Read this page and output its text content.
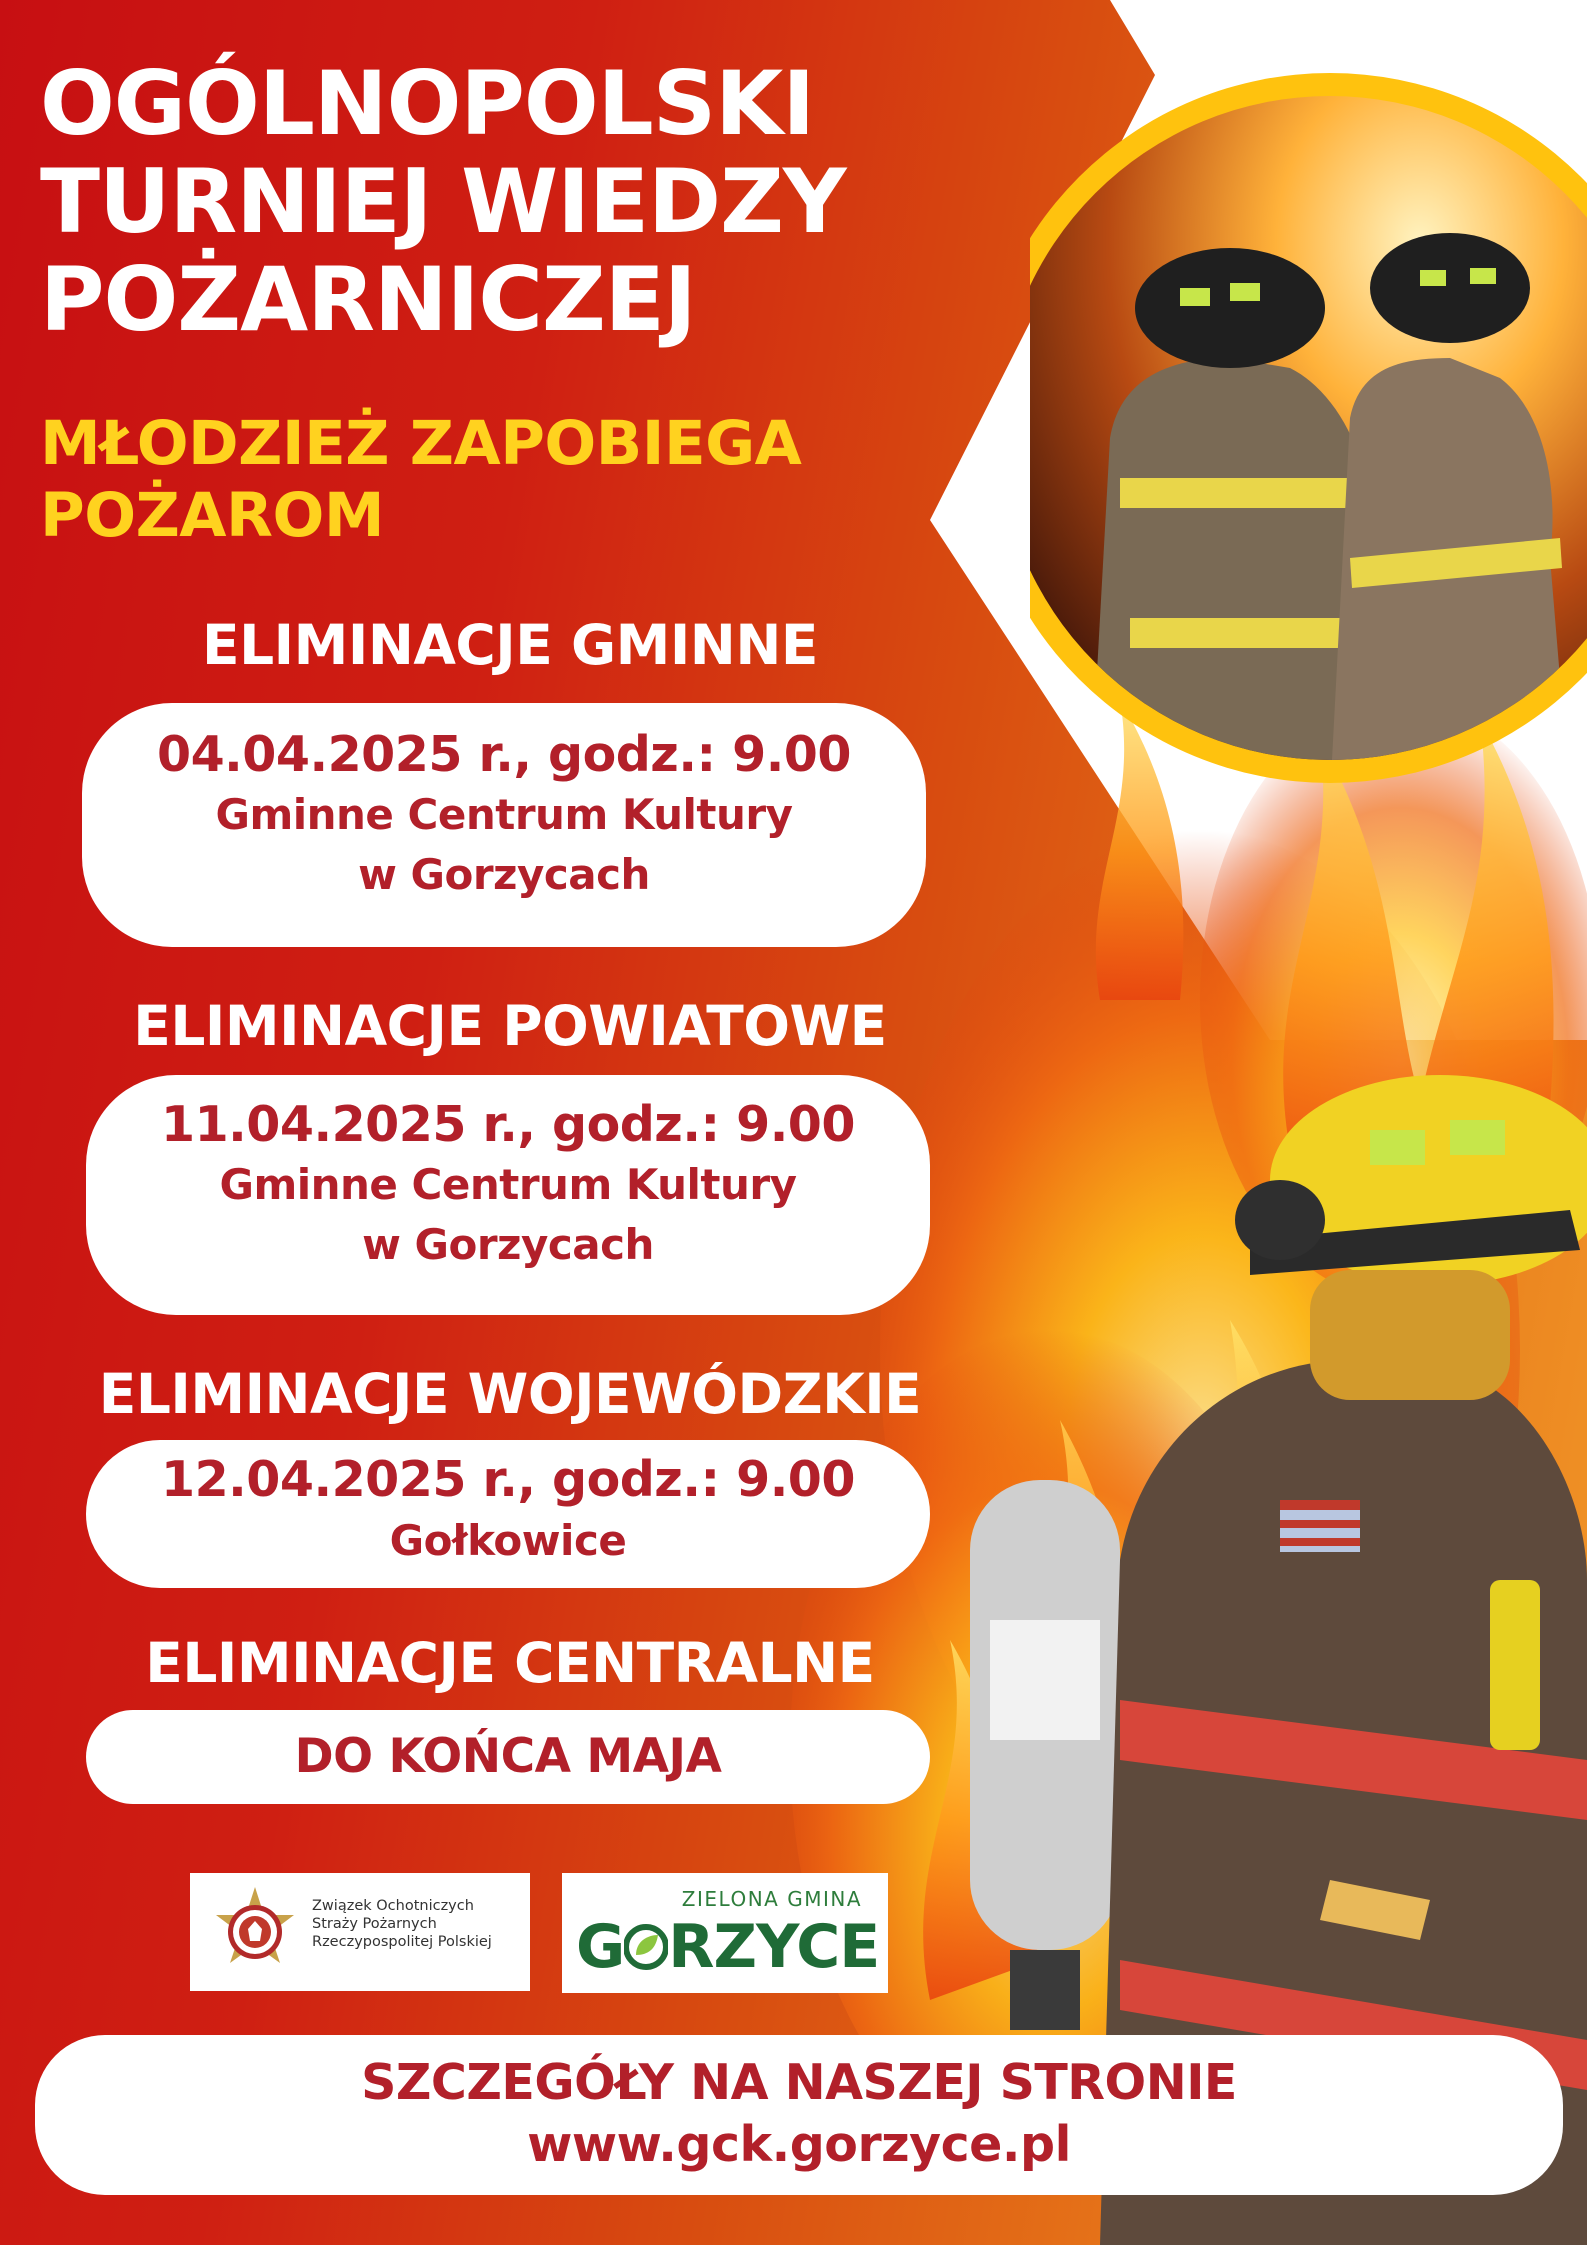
OGÓLNOPOLSKI
TURNIEJ WIEDZY
POŻARNICZEJ
MŁODZIEŻ ZAPOBIEGA
POŻAROM
ELIMINACJE GMINNE
04.04.2025 r., godz.: 9.00
Gminne Centrum Kultury
w Gorzycach
ELIMINACJE POWIATOWE
11.04.2025 r., godz.: 9.00
Gminne Centrum Kultury
w Gorzycach
ELIMINACJE WOJEWÓDZKIE
12.04.2025 r., godz.: 9.00
Gołkowice
ELIMINACJE CENTRALNE
DO KOŃCA MAJA
Związek Ochotniczych
Straży Pożarnych
Rzeczypospolitej Polskiej
ZIELONA GMINA
G RZYCE
SZCZEGÓŁY NA NASZEJ STRONIE
www.gck.gorzyce.pl
